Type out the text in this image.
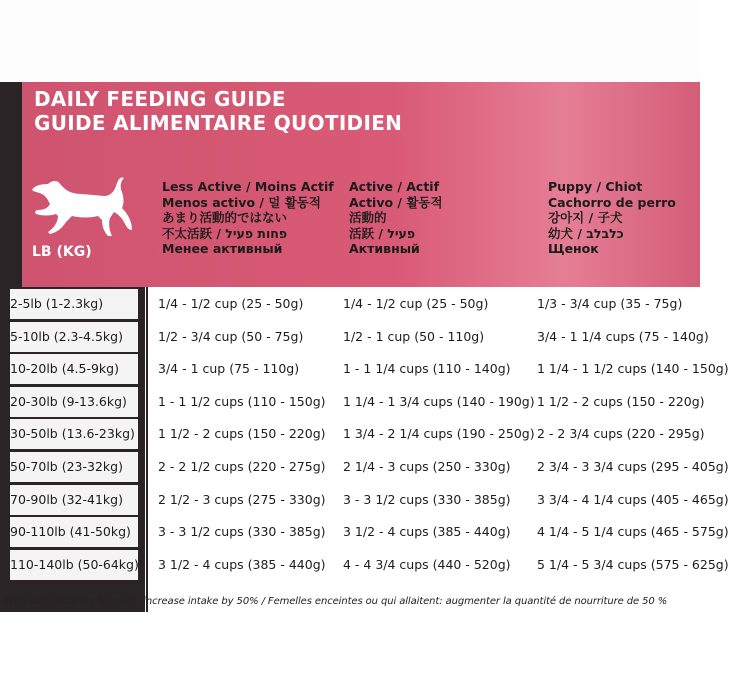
DAILY FEEDING GUIDE
GUIDE ALIMENTAIRE QUOTIDIEN
LB (KG)
Less Active / Moins Actif
Menos activo / 덜 활동적
あまり活動的ではない
不太活跃 / פחות פעיל
Менее активный
Active / Actif
Activo / 활동적
活動的
活跃 / פעיל
Активный
Puppy / Chiot
Cachorro de perro
강아지 / 子犬
幼犬 / כלבלב
Щенок
2-5lb (1-2.3kg)	1/4 - 1/2 cup (25 - 50g)	1/4 - 1/2 cup (25 - 50g)	1/3 - 3/4 cup (35 - 75g)
5-10lb (2.3-4.5kg)	1/2 - 3/4 cup (50 - 75g)	1/2 - 1 cup (50 - 110g)	3/4 - 1 1/4 cups (75 - 140g)
10-20lb (4.5-9kg)	3/4 - 1 cup (75 - 110g)	1 - 1 1/4 cups (110 - 140g) 1 1/4 - 1 1/2 cups (140 - 150g)
20-30lb (9-13.6kg)	1 - 1 1/2 cups (110 - 150g) 1 1/4 - 1 3/4 cups (140 - 190g) 1 1/2 - 2 cups (150 - 220g)
30-50lb (13.6-23kg) 1 1/2 - 2 cups (150 - 220g) 1 3/4 - 2 1/4 cups (190 - 250g) 2 - 2 3/4 cups (220 - 295g)
50-70lb (23-32kg)	2 - 2 1/2 cups (220 - 275g) 2 1/4 - 3 cups (250 - 330g) 2 3/4 - 3 3/4 cups (295 - 405g)
70-90lb (32-41kg)	2 1/2 - 3 cups (275 - 330g) 3 - 3 1/2 cups (330 - 385g) 3 3/4 - 4 1/4 cups (405 - 465g)
90-110lb (41-50kg)	3 - 3 1/2 cups (330 - 385g) 3 1/2 - 4 cups (385 - 440g) 4 1/4 - 5 1/4 cups (465 - 575g)
110-140lb (50-64kg) 3 1/2 - 4 cups (385 - 440g) 4 - 4 3/4 cups (440 - 520g) 5 1/4 - 5 3/4 cups (575 - 625g)
Pregnant/lactating females: increase intake by 50% / Femelles enceintes ou qui allaitent: augmenter la quantité de nourriture de 50 %
